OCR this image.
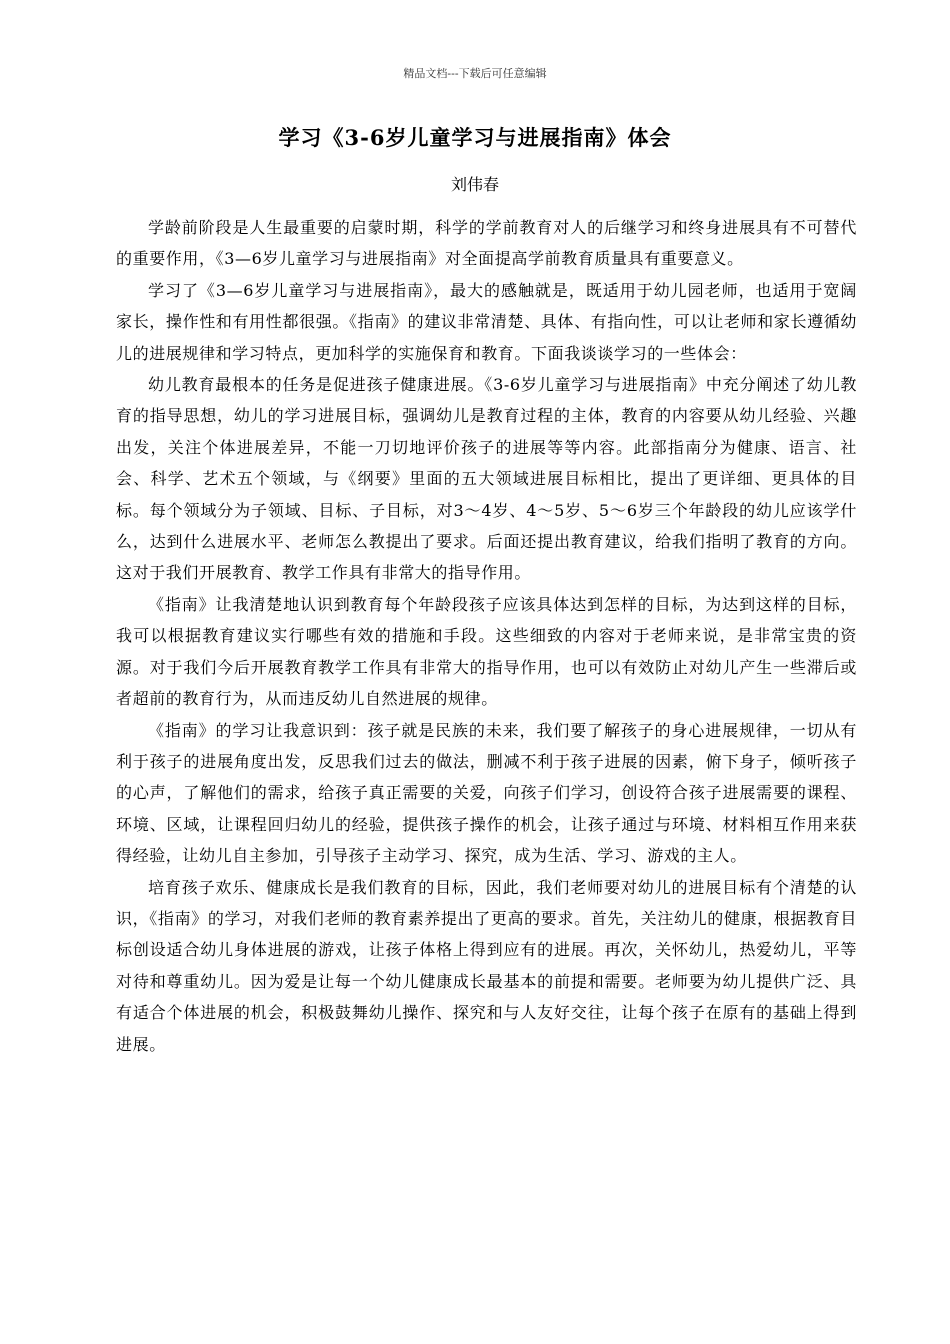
精品文档---下载后可任意编辑
学习《3-6岁儿童学习与进展指南》体会
刘伟春

学龄前阶段是人生最重要的启蒙时期，科学的学前教育对人的后继学习和终身进展具有不可替代的重要作用，《3—6岁儿童学习与进展指南》对全面提高学前教育质量具有重要意义。

学习了《3—6岁儿童学习与进展指南》，最大的感触就是，既适用于幼儿园老师，也适用于宽阔家长，操作性和有用性都很强。《指南》的建议非常清楚、具体、有指向性，可以让老师和家长遵循幼儿的进展规律和学习特点，更加科学的实施保育和教育。下面我谈谈学习的一些体会：

幼儿教育最根本的任务是促进孩子健康进展。《3-6岁儿童学习与进展指南》中充分阐述了幼儿教育的指导思想，幼儿的学习进展目标，强调幼儿是教育过程的主体，教育的内容要从幼儿经验、兴趣出发，关注个体进展差异，不能一刀切地评价孩子的进展等等内容。此部指南分为健康、语言、社会、科学、艺术五个领域，与《纲要》里面的五大领域进展目标相比，提出了更详细、更具体的目标。每个领域分为子领域、目标、子目标，对3～4岁、4～5岁、5～6岁三个年龄段的幼儿应该学什么，达到什么进展水平、老师怎么教提出了要求。后面还提出教育建议，给我们指明了教育的方向。这对于我们开展教育、教学工作具有非常大的指导作用。

《指南》让我清楚地认识到教育每个年龄段孩子应该具体达到怎样的目标，为达到这样的目标，我可以根据教育建议实行哪些有效的措施和手段。这些细致的内容对于老师来说，是非常宝贵的资源。对于我们今后开展教育教学工作具有非常大的指导作用，也可以有效防止对幼儿产生一些滞后或者超前的教育行为，从而违反幼儿自然进展的规律。

《指南》的学习让我意识到：孩子就是民族的未来，我们要了解孩子的身心进展规律，一切从有利于孩子的进展角度出发，反思我们过去的做法，删减不利于孩子进展的因素，俯下身子，倾听孩子的心声，了解他们的需求，给孩子真正需要的关爱，向孩子们学习，创设符合孩子进展需要的课程、环境、区域，让课程回归幼儿的经验，提供孩子操作的机会，让孩子通过与环境、材料相互作用来获得经验，让幼儿自主参加，引导孩子主动学习、探究，成为生活、学习、游戏的主人。

培育孩子欢乐、健康成长是我们教育的目标，因此，我们老师要对幼儿的进展目标有个清楚的认识，《指南》的学习，对我们老师的教育素养提出了更高的要求。首先，关注幼儿的健康，根据教育目标创设适合幼儿身体进展的游戏，让孩子体格上得到应有的进展。再次，关怀幼儿，热爱幼儿，平等对待和尊重幼儿。因为爱是让每一个幼儿健康成长最基本的前提和需要。老师要为幼儿提供广泛、具有适合个体进展的机会，积极鼓舞幼儿操作、探究和与人友好交往，让每个孩子在原有的基础上得到进展。
